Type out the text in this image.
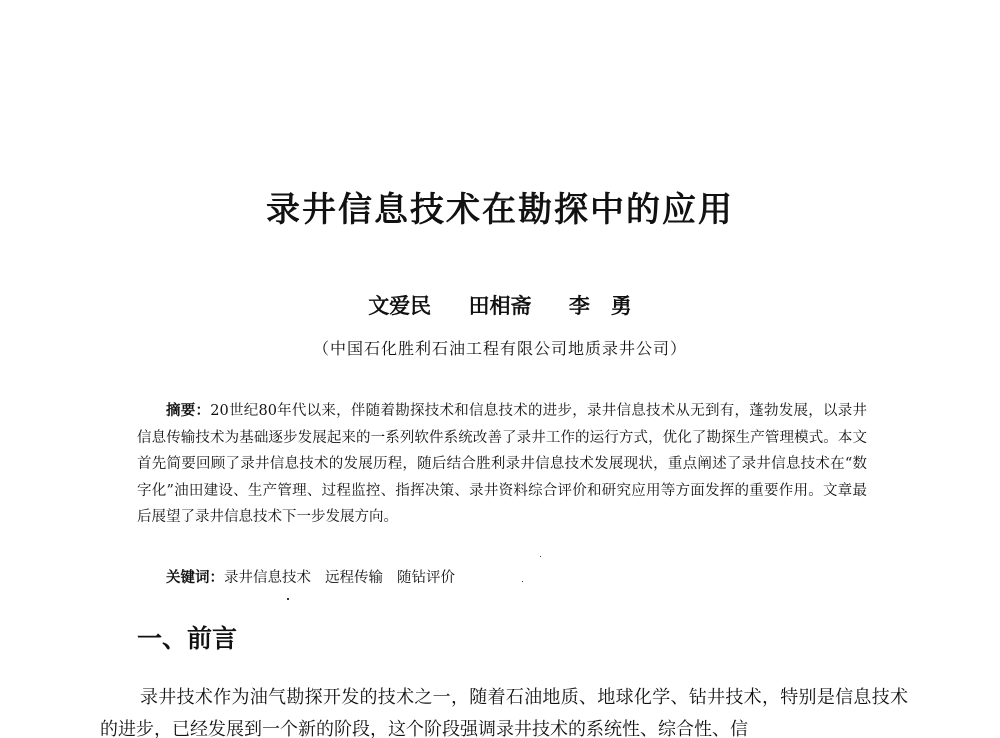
录井信息技术在勘探中的应用
文爱民 田相斋 李　勇
（中国石化胜利石油工程有限公司地质录井公司）
摘要：20世纪80年代以来，伴随着勘探技术和信息技术的进步，录井信息技术从无到有，蓬勃发展，以录井信息传输技术为基础逐步发展起来的一系列软件系统改善了录井工作的运行方式，优化了勘探生产管理模式。本文首先简要回顾了录井信息技术的发展历程，随后结合胜利录井信息技术发展现状，重点阐述了录井信息技术在“数字化”油田建设、生产管理、过程监控、指挥决策、录井资料综合评价和研究应用等方面发挥的重要作用。文章最后展望了录井信息技术下一步发展方向。
关键词：录井信息技术 远程传输 随钻评价
一、前言
录井技术作为油气勘探开发的技术之一，随着石油地质、地球化学、钻井技术，特别是信息技术的进步，已经发展到一个新的阶段，这个阶段强调录井技术的系统性、综合性、信
